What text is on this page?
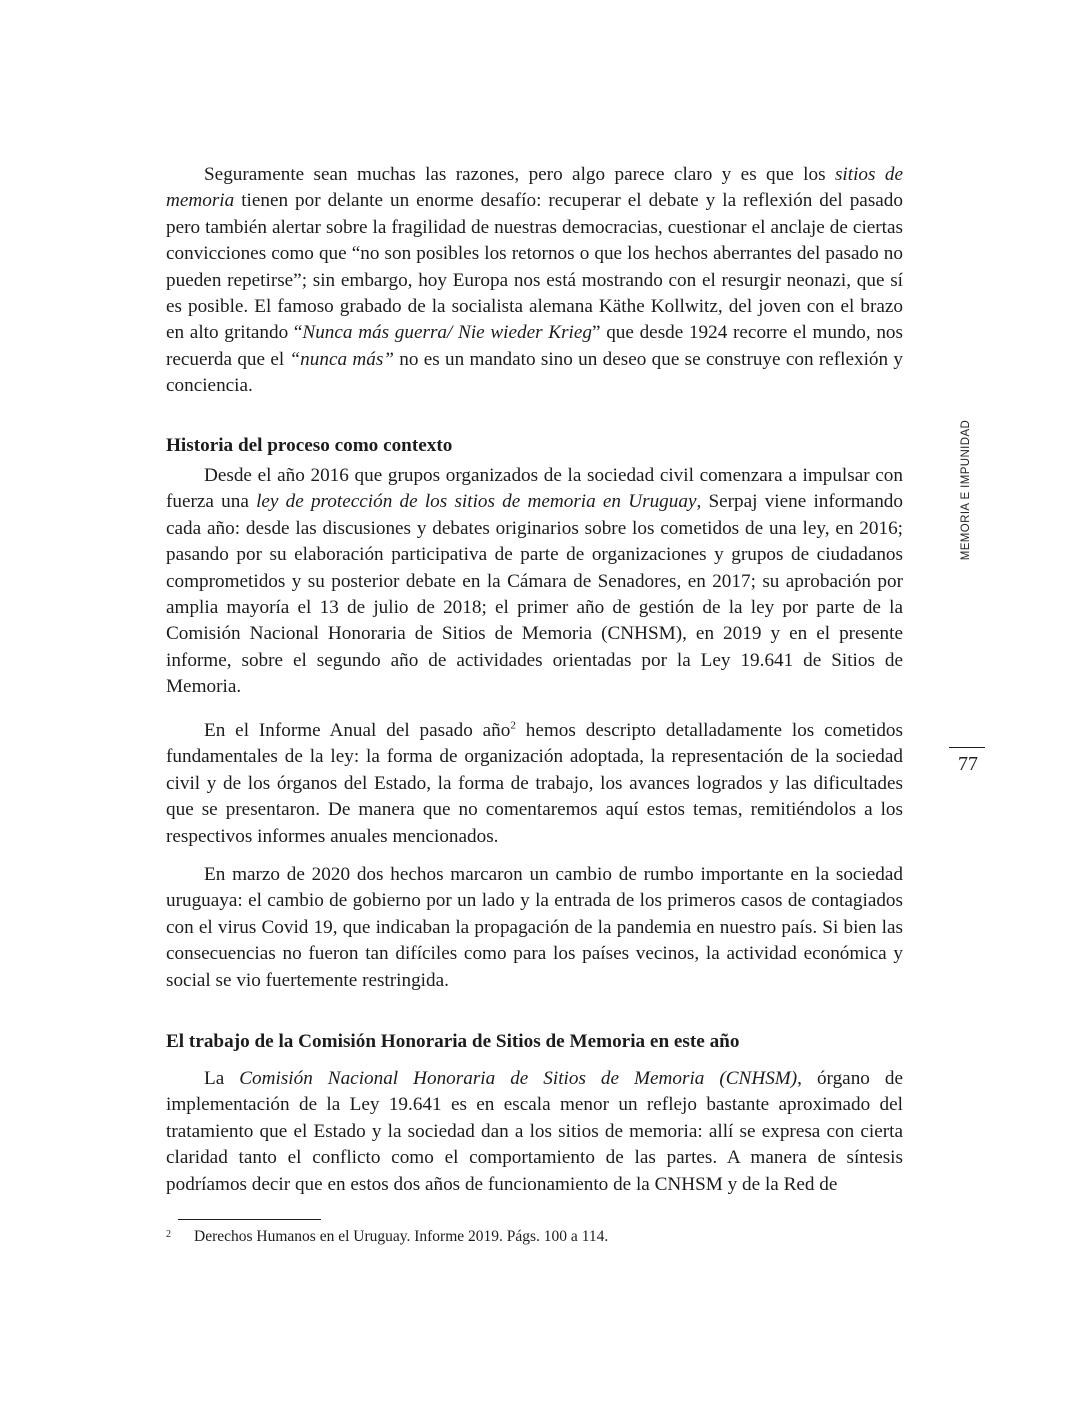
Seguramente sean muchas las razones, pero algo parece claro y es que los sitios de memoria tienen por delante un enorme desafío: recuperar el debate y la reflexión del pasado pero también alertar sobre la fragilidad de nuestras democracias, cuestionar el anclaje de ciertas convicciones como que “no son posibles los retornos o que los hechos aberrantes del pasado no pueden repetirse”; sin embargo, hoy Europa nos está mostrando con el resurgir neonazi, que sí es posible. El famoso grabado de la socialista alemana Käthe Kollwitz, del joven con el brazo en alto gritando “Nunca más guerra/ Nie wieder Krieg” que desde 1924 recorre el mundo, nos recuerda que el “nunca más” no es un mandato sino un deseo que se construye con reflexión y conciencia.

Historia del proceso como contexto

Desde el año 2016 que grupos organizados de la sociedad civil comenzara a impulsar con fuerza una ley de protección de los sitios de memoria en Uruguay, Serpaj viene informando cada año: desde las discusiones y debates originarios sobre los cometidos de una ley, en 2016; pasando por su elaboración participativa de parte de organizaciones y grupos de ciudadanos comprometidos y su posterior debate en la Cámara de Senadores, en 2017; su aprobación por amplia mayoría el 13 de julio de 2018; el primer año de gestión de la ley por parte de la Comisión Nacional Honoraria de Sitios de Memoria (CNHSM), en 2019 y en el presente informe, sobre el segundo año de actividades orientadas por la Ley 19.641 de Sitios de Memoria.

En el Informe Anual del pasado año$^2$ hemos descripto detalladamente los cometidos fundamentales de la ley: la forma de organización adoptada, la representación de la sociedad civil y de los órganos del Estado, la forma de trabajo, los avances logrados y las dificultades que se presentaron. De manera que no comentaremos aquí estos temas, remitiéndolos a los respectivos informes anuales mencionados.

En marzo de 2020 dos hechos marcaron un cambio de rumbo importante en la sociedad uruguaya: el cambio de gobierno por un lado y la entrada de los primeros casos de contagiados con el virus Covid 19, que indicaban la propagación de la pandemia en nuestro país. Si bien las consecuencias no fueron tan difíciles como para los países vecinos, la actividad económica y social se vio fuertemente restringida.

El trabajo de la Comisión Honoraria de Sitios de Memoria en este año

La Comisión Nacional Honoraria de Sitios de Memoria (CNHSM), órgano de implementación de la Ley 19.641 es en escala menor un reflejo bastante aproximado del tratamiento que el Estado y la sociedad dan a los sitios de memoria: allí se expresa con cierta claridad tanto el conflicto como el comportamiento de las partes. A manera de síntesis podríamos decir que en estos dos años de funcionamiento de la CNHSM y de la Red de

2 Derechos Humanos en el Uruguay. Informe 2019. Págs. 100 a 114.
MEMORIA E IMPUNIDAD
77
